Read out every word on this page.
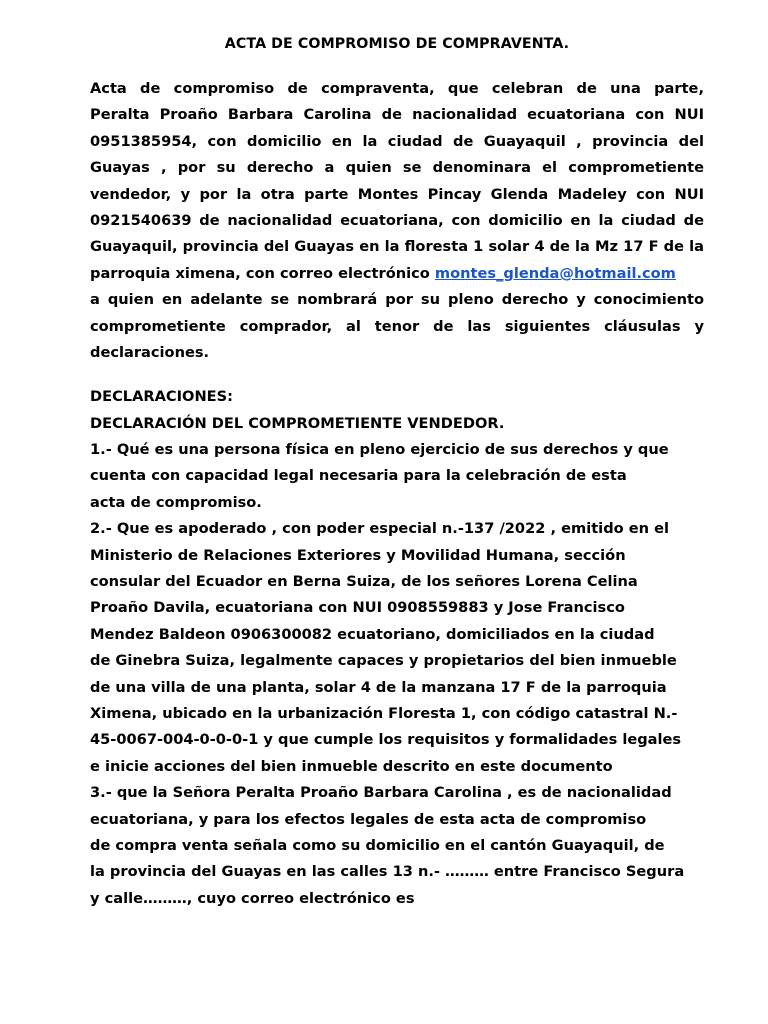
ACTA DE COMPROMISO DE COMPRAVENTA.
Acta de compromiso de compraventa, que celebran de una parte,
Peralta Proaño Barbara Carolina de nacionalidad ecuatoriana con NUI
0951385954, con domicilio en la ciudad de Guayaquil , provincia del
Guayas , por su derecho a quien se denominara el comprometiente
vendedor, y por la otra parte Montes Pincay Glenda Madeley con NUI
0921540639 de nacionalidad ecuatoriana, con domicilio en la ciudad de
Guayaquil, provincia del Guayas en la floresta 1 solar 4 de la Mz 17 F de la
parroquia ximena, con correo electrónico montes_glenda@hotmail.com
a quien en adelante se nombrará por su pleno derecho y conocimiento
comprometiente comprador, al tenor de las siguientes cláusulas y
declaraciones.
DECLARACIONES:
DECLARACIÓN DEL COMPROMETIENTE VENDEDOR.
1.- Qué es una persona física en pleno ejercicio de sus derechos y que
cuenta con capacidad legal necesaria para la celebración de esta
acta de compromiso.
2.- Que es apoderado , con poder especial n.-137 /2022 , emitido en el
Ministerio de Relaciones Exteriores y Movilidad Humana, sección
consular del Ecuador en Berna Suiza, de los señores Lorena Celina
Proaño Davila, ecuatoriana con NUI 0908559883 y Jose Francisco
Mendez Baldeon 0906300082 ecuatoriano, domiciliados en la ciudad
de Ginebra Suiza, legalmente capaces y propietarios del bien inmueble
de una villa de una planta, solar 4 de la manzana 17 F de la parroquia
Ximena, ubicado en la urbanización Floresta 1, con código catastral N.-
45-0067-004-0-0-0-1 y que cumple los requisitos y formalidades legales
e inicie acciones del bien inmueble descrito en este documento
3.- que la Señora Peralta Proaño Barbara Carolina , es de nacionalidad
ecuatoriana, y para los efectos legales de esta acta de compromiso
de compra venta señala como su domicilio en el cantón Guayaquil, de
la provincia del Guayas en las calles 13 n.- ……… entre Francisco Segura
y calle………, cuyo correo electrónico es
